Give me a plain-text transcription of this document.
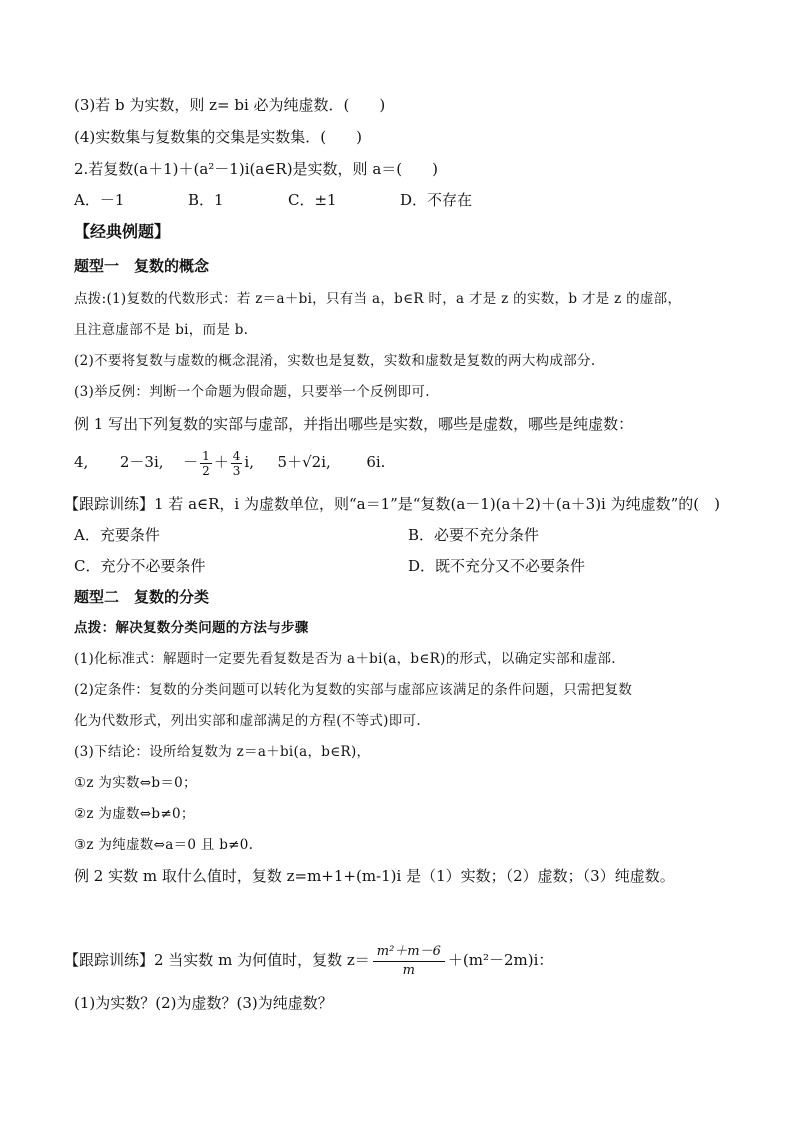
(3)若 b 为实数，则 z= bi 必为纯虚数．(　　)
(4)实数集与复数集的交集是实数集．(　　)
2.若复数(a＋1)＋(a²－1)i(a∈R)是实数，则 a＝(　　)
A．－1	B．1	C．±1	D．不存在
【经典例题】
题型一　复数的概念
点拨:(1)复数的代数形式：若 z＝a＋bi，只有当 a，b∈R 时，a 才是 z 的实数，b 才是 z 的虚部，
且注意虚部不是 bi，而是 b.
(2)不要将复数与虚数的概念混淆，实数也是复数，实数和虚数是复数的两大构成部分.
(3)举反例：判断一个命题为假命题，只要举一个反例即可.
例 1 写出下列复数的实部与虚部，并指出哪些是实数，哪些是虚数，哪些是纯虚数：
4, 2－3i, － $\frac{1}{2} + \frac{4}{3} i$, 5＋√2i, 6i.
【跟踪训练】1 若 a∈R，i 为虚数单位，则“a＝1”是“复数(a－1)(a＋2)＋(a＋3)i 为纯虚数”的(　)
A．充要条件	B．必要不充分条件
C．充分不必要条件	D．既不充分又不必要条件
题型二　复数的分类
点拨：解决复数分类问题的方法与步骤
(1)化标准式：解题时一定要先看复数是否为 a＋bi(a，b∈R)的形式，以确定实部和虚部.
(2)定条件：复数的分类问题可以转化为复数的实部与虚部应该满足的条件问题，只需把复数
化为代数形式，列出实部和虚部满足的方程(不等式)即可.
(3)下结论：设所给复数为 z＝a＋bi(a，b∈R)，
①z 为实数⇔b＝0；
②z 为虚数⇔b≠0；
③z 为纯虚数⇔a＝0 且 b≠0.
例 2 实数 m 取什么值时，复数 z=m+1+(m-1)i 是（1）实数；（2）虚数；（3）纯虚数。
【跟踪训练】2 当实数 m 为何值时，复数 $z= \frac{\text{m²＋m－6}}{m} +(m^2-2m)i$：
(1)为实数？(2)为虚数？(3)为纯虚数？
